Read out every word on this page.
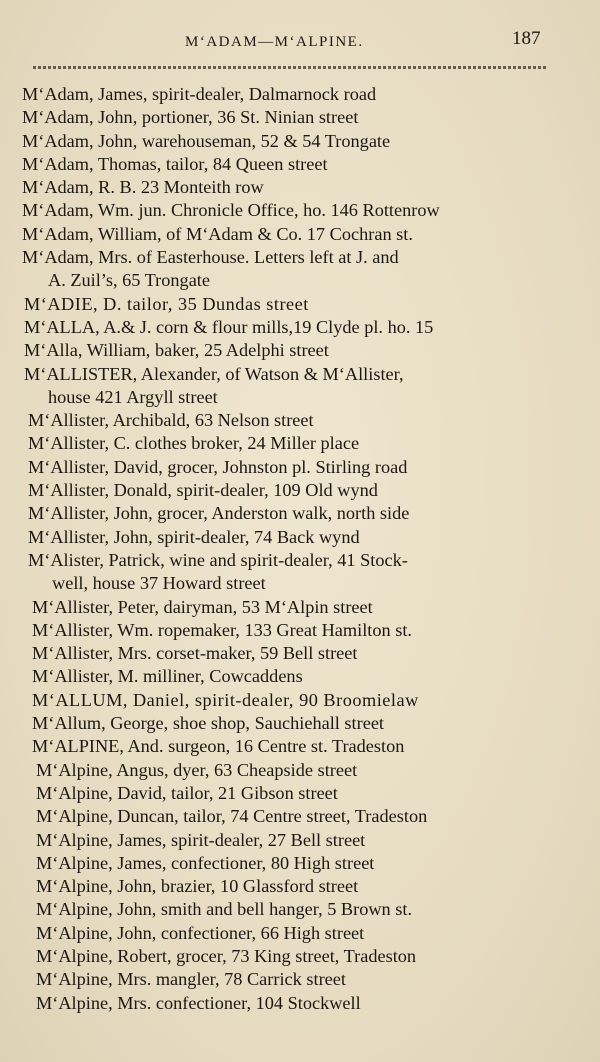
M‘ADAM—M‘ALPINE.	187
M‘Adam, James, spirit-dealer, Dalmarnock road
M‘Adam, John, portioner, 36 St. Ninian street
M‘Adam, John, warehouseman, 52 & 54 Trongate
M‘Adam, Thomas, tailor, 84 Queen street
M‘Adam, R. B. 23 Monteith row
M‘Adam, Wm. jun. Chronicle Office, ho. 146 Rottenrow
M‘Adam, William, of M‘Adam & Co. 17 Cochran st.
M‘Adam, Mrs. of Easterhouse. Letters left at J. and
A. Zuil’s, 65 Trongate
M‘ADIE, D. tailor, 35 Dundas street
M‘ALLA, A.& J. corn & flour mills,19 Clyde pl. ho. 15
M‘Alla, William, baker, 25 Adelphi street
M‘ALLISTER, Alexander, of Watson & M‘Allister,
house 421 Argyll street
M‘Allister, Archibald, 63 Nelson street
M‘Allister, C. clothes broker, 24 Miller place
M‘Allister, David, grocer, Johnston pl. Stirling road
M‘Allister, Donald, spirit-dealer, 109 Old wynd
M‘Allister, John, grocer, Anderston walk, north side
M‘Allister, John, spirit-dealer, 74 Back wynd
M‘Alister, Patrick, wine and spirit-dealer, 41 Stock-
well, house 37 Howard street
M‘Allister, Peter, dairyman, 53 M‘Alpin street
M‘Allister, Wm. ropemaker, 133 Great Hamilton st.
M‘Allister, Mrs. corset-maker, 59 Bell street
M‘Allister, M. milliner, Cowcaddens
M‘ALLUM, Daniel, spirit-dealer, 90 Broomielaw
M‘Allum, George, shoe shop, Sauchiehall street
M‘ALPINE, And. surgeon, 16 Centre st. Tradeston
M‘Alpine, Angus, dyer, 63 Cheapside street
M‘Alpine, David, tailor, 21 Gibson street
M‘Alpine, Duncan, tailor, 74 Centre street, Tradeston
M‘Alpine, James, spirit-dealer, 27 Bell street
M‘Alpine, James, confectioner, 80 High street
M‘Alpine, John, brazier, 10 Glassford street
M‘Alpine, John, smith and bell hanger, 5 Brown st.
M‘Alpine, John, confectioner, 66 High street
M‘Alpine, Robert, grocer, 73 King street, Tradeston
M‘Alpine, Mrs. mangler, 78 Carrick street
M‘Alpine, Mrs. confectioner, 104 Stockwell
